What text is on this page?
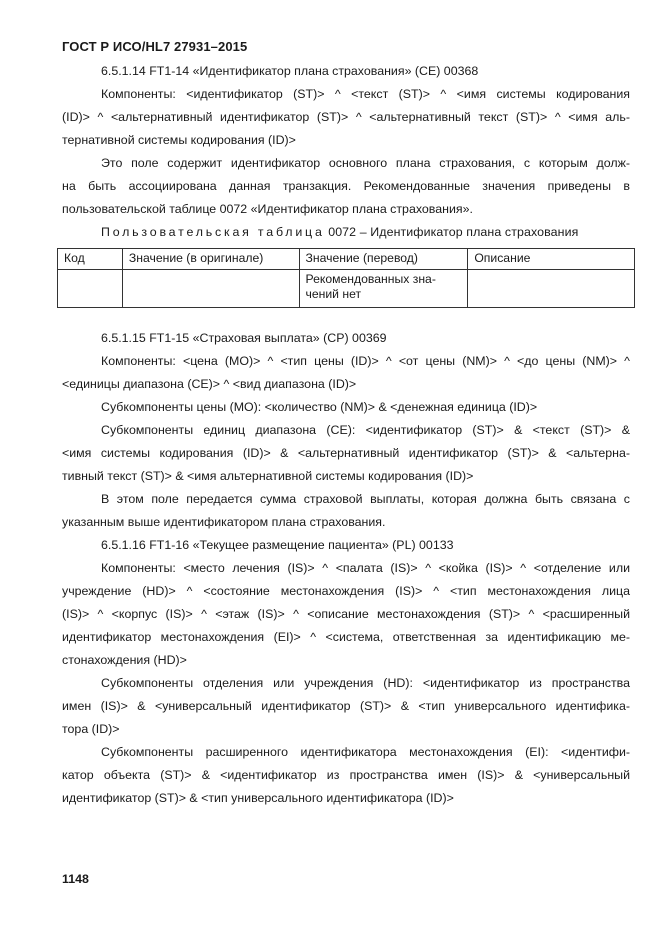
ГОСТ Р ИСО/HL7 27931–2015
6.5.1.14 FT1-14 «Идентификатор плана страхования» (CE) 00368
Компоненты: <идентификатор (ST)> ^ <текст (ST)> ^ <имя системы кодирования
(ID)> ^ <альтернативный идентификатор (ST)> ^ <альтернативный текст (ST)> ^ <имя аль-
тернативной системы кодирования (ID)>
Это поле содержит идентификатор основного плана страхования, с которым долж-
на быть ассоциирована данная транзакция. Рекомендованные значения приведены в
пользовательской таблице 0072 «Идентификатор плана страхования».
Пользовательская таблица 0072 – Идентификатор плана страхования
Код	Значение (в оригинале)	Значение (перевод)	Описание
		Рекомендованных зна-чений нет	
6.5.1.15 FT1-15 «Страховая выплата» (CP) 00369
Компоненты: <цена (MO)> ^ <тип цены (ID)> ^ <от цены (NM)> ^ <до цены (NM)> ^
<единицы диапазона (CE)> ^ <вид диапазона (ID)>
Субкомпоненты цены (MO): <количество (NM)> & <денежная единица (ID)>
Субкомпоненты единиц диапазона (CE): <идентификатор (ST)> & <текст (ST)> &
<имя системы кодирования (ID)> & <альтернативный идентификатор (ST)> & <альтерна-
тивный текст (ST)> & <имя альтернативной системы кодирования (ID)>
В этом поле передается сумма страховой выплаты, которая должна быть связана с
указанным выше идентификатором плана страхования.
6.5.1.16 FT1-16 «Текущее размещение пациента» (PL) 00133
Компоненты: <место лечения (IS)> ^ <палата (IS)> ^ <койка (IS)> ^ <отделение или
учреждение (HD)> ^ <состояние местонахождения (IS)> ^ <тип местонахождения лица
(IS)> ^ <корпус (IS)> ^ <этаж (IS)> ^ <описание местонахождения (ST)> ^ <расширенный
идентификатор местонахождения (EI)> ^ <система, ответственная за идентификацию ме-
стонахождения (HD)>
Субкомпоненты отделения или учреждения (HD): <идентификатор из пространства
имен (IS)> & <универсальный идентификатор (ST)> & <тип универсального идентифика-
тора (ID)>
Субкомпоненты расширенного идентификатора местонахождения (EI): <идентифи-
катор объекта (ST)> & <идентификатор из пространства имен (IS)> & <универсальный
идентификатор (ST)> & <тип универсального идентификатора (ID)>
1148
